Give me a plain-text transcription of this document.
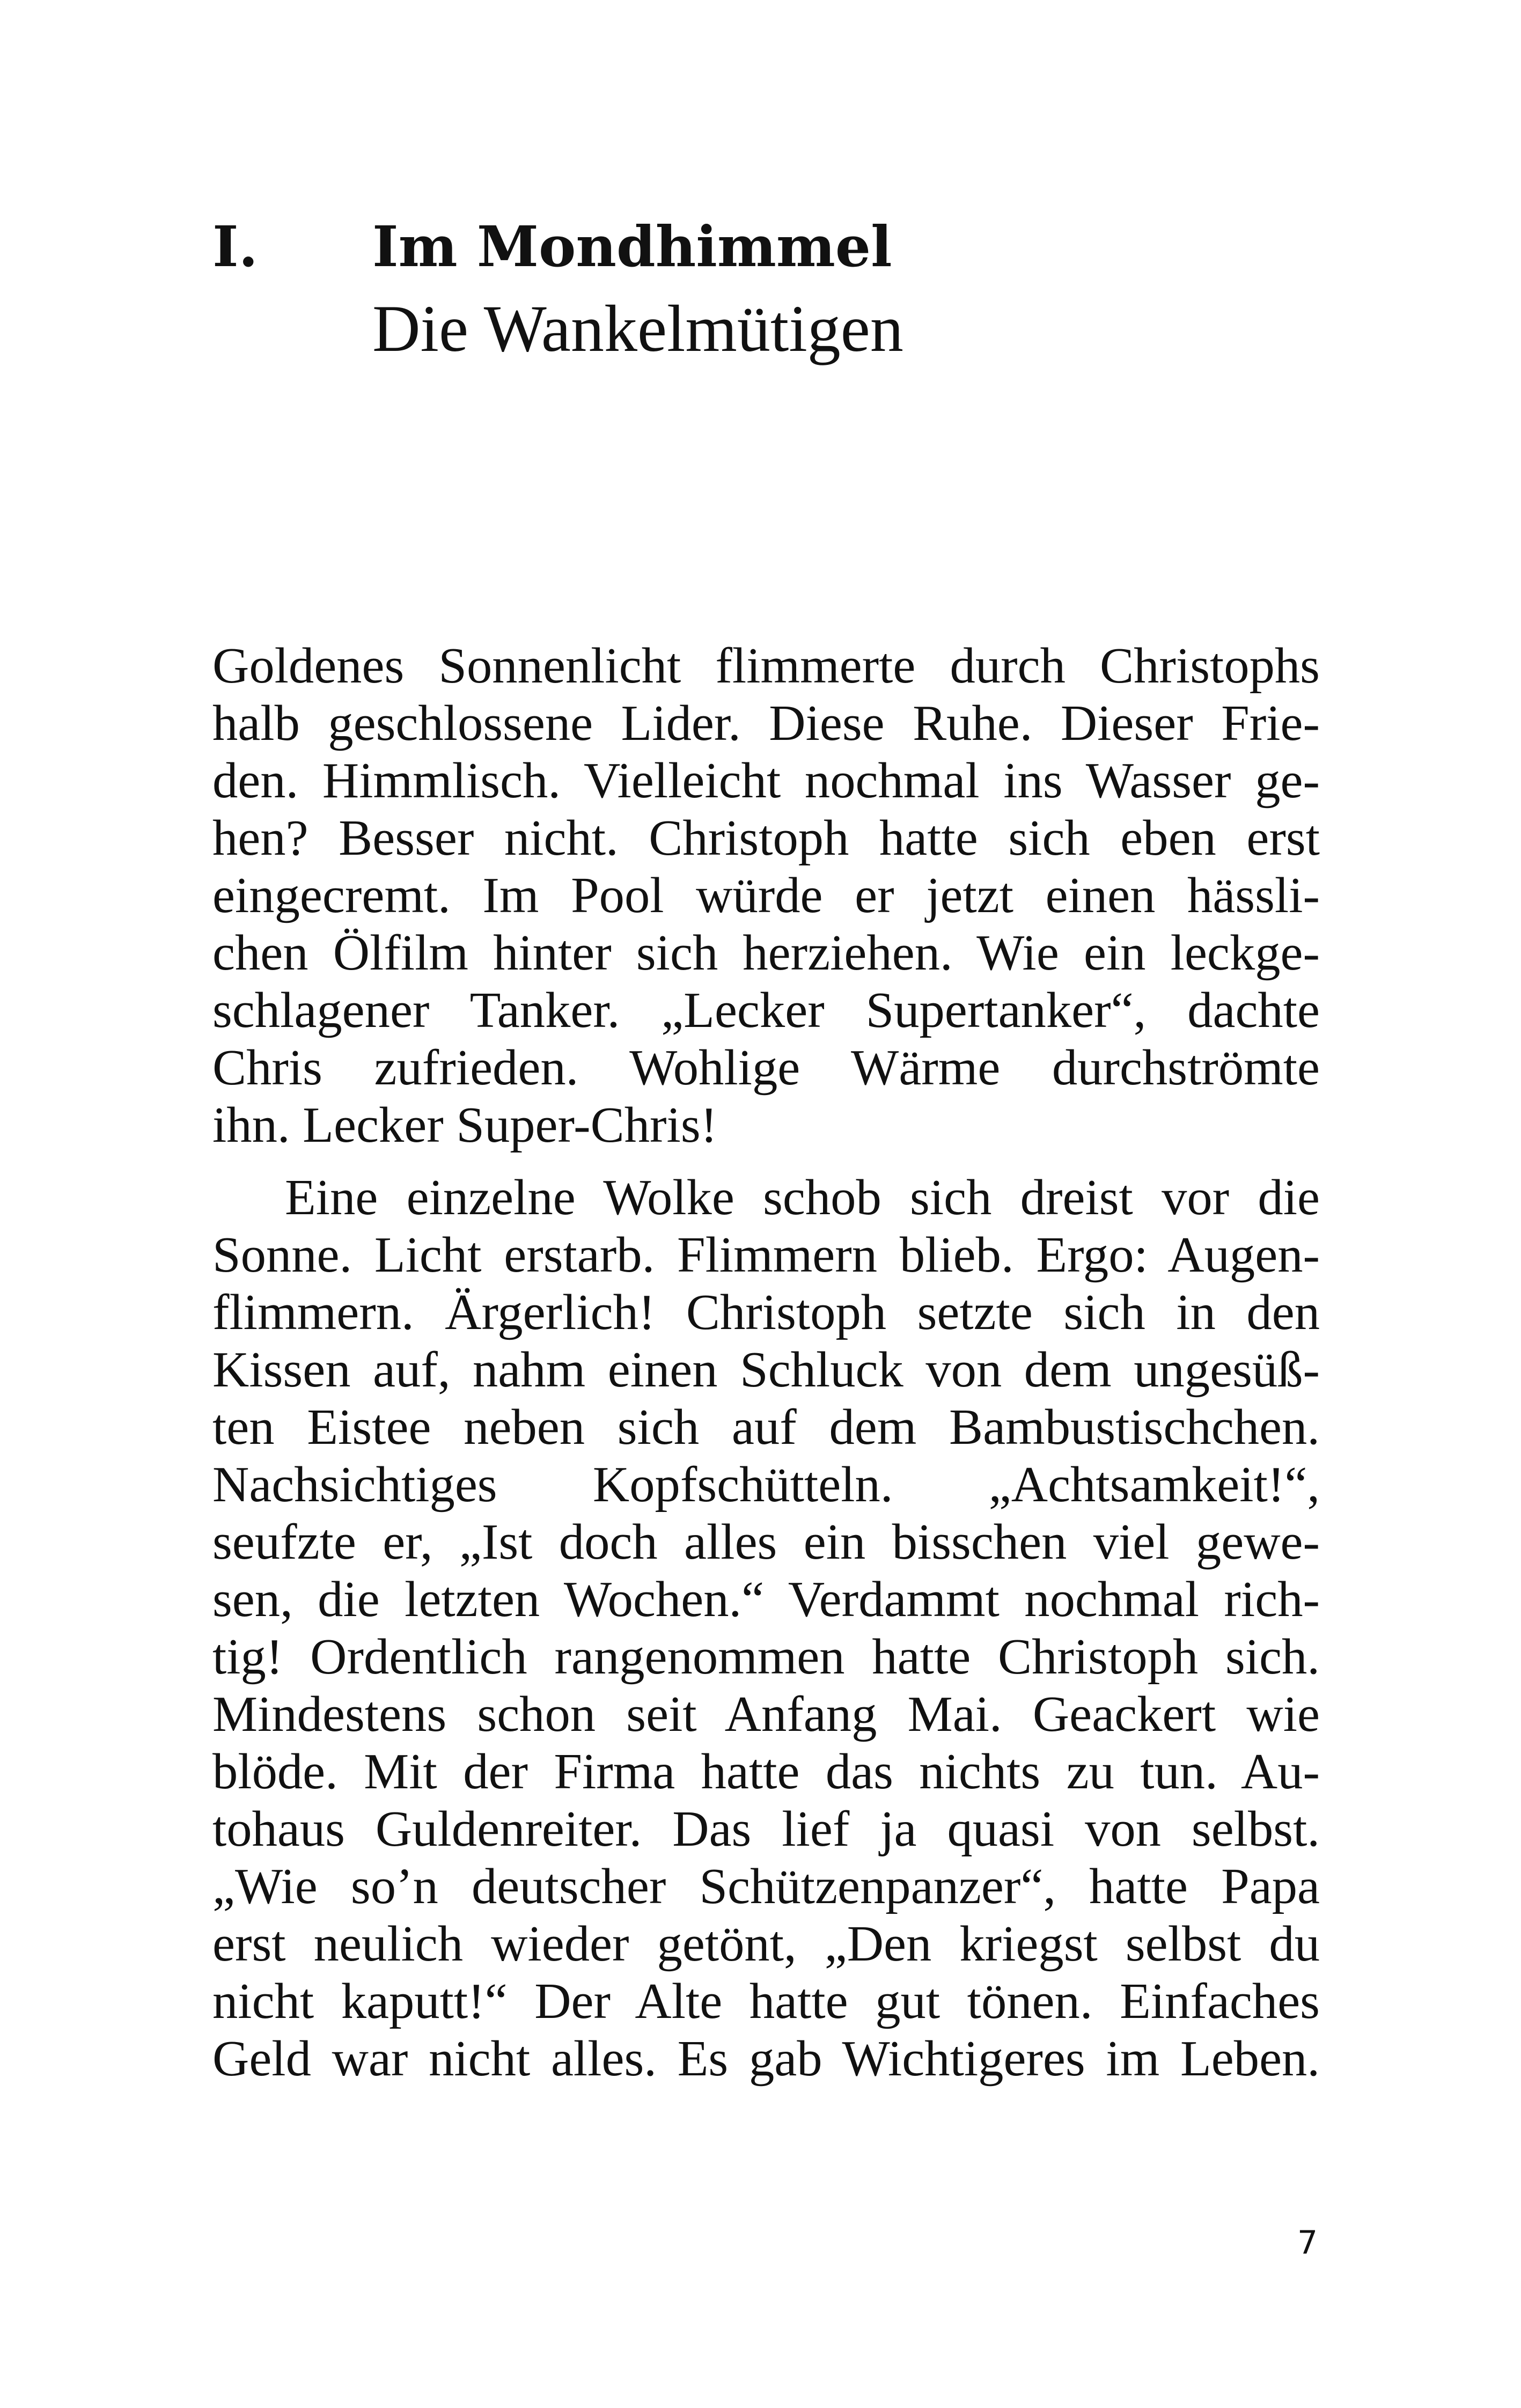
I.	Im Mondhimmel
Die Wankelmütigen
Goldenes Sonnenlicht flimmerte durch Christophs
halb geschlossene Lider. Diese Ruhe. Dieser Frie-
den. Himmlisch. Vielleicht nochmal ins Wasser ge-
hen? Besser nicht. Christoph hatte sich eben erst
eingecremt. Im Pool würde er jetzt einen hässli-
chen Ölfilm hinter sich herziehen. Wie ein leckge-
schlagener Tanker. „Lecker Supertanker“, dachte
Chris zufrieden. Wohlige Wärme durchströmte
ihn. Lecker Super-Chris!
Eine einzelne Wolke schob sich dreist vor die
Sonne. Licht erstarb. Flimmern blieb. Ergo: Augen-
flimmern. Ärgerlich! Christoph setzte sich in den
Kissen auf, nahm einen Schluck von dem ungesüß-
ten Eistee neben sich auf dem Bambustischchen.
Nachsichtiges Kopfschütteln. „Achtsamkeit!“,
seufzte er, „Ist doch alles ein bisschen viel gewe-
sen, die letzten Wochen.“ Verdammt nochmal rich-
tig! Ordentlich rangenommen hatte Christoph sich.
Mindestens schon seit Anfang Mai. Geackert wie
blöde. Mit der Firma hatte das nichts zu tun. Au-
tohaus Guldenreiter. Das lief ja quasi von selbst.
„Wie so’n deutscher Schützenpanzer“, hatte Papa
erst neulich wieder getönt, „Den kriegst selbst du
nicht kaputt!“ Der Alte hatte gut tönen. Einfaches
Geld war nicht alles. Es gab Wichtigeres im Leben.
7
